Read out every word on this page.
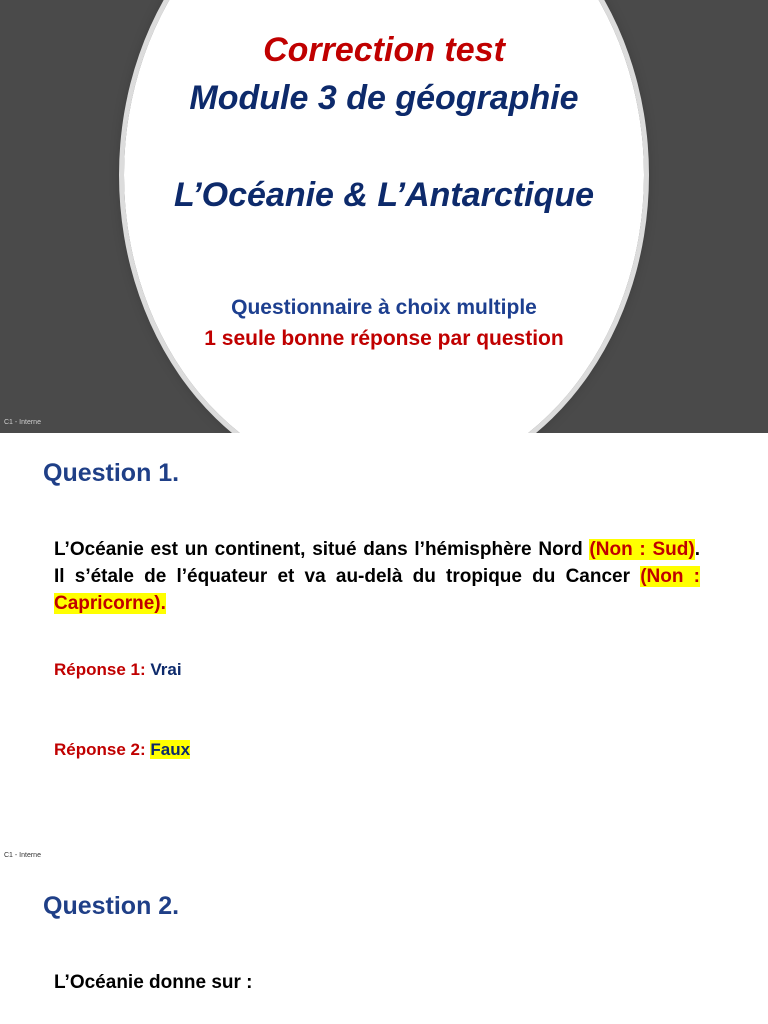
Correction test
Module 3 de géographie
L’Océanie & L’Antarctique
Questionnaire à choix multiple
1 seule bonne réponse par question
C1 - Interne
Question 1.
L’Océanie est un continent, situé dans l’hémisphère Nord (Non : Sud). Il s’étale de l’équateur et va au-delà du tropique du Cancer (Non : Capricorne).
Réponse 1: Vrai
Réponse 2: Faux
C1 - Interne
Question 2.
L’Océanie donne sur :
